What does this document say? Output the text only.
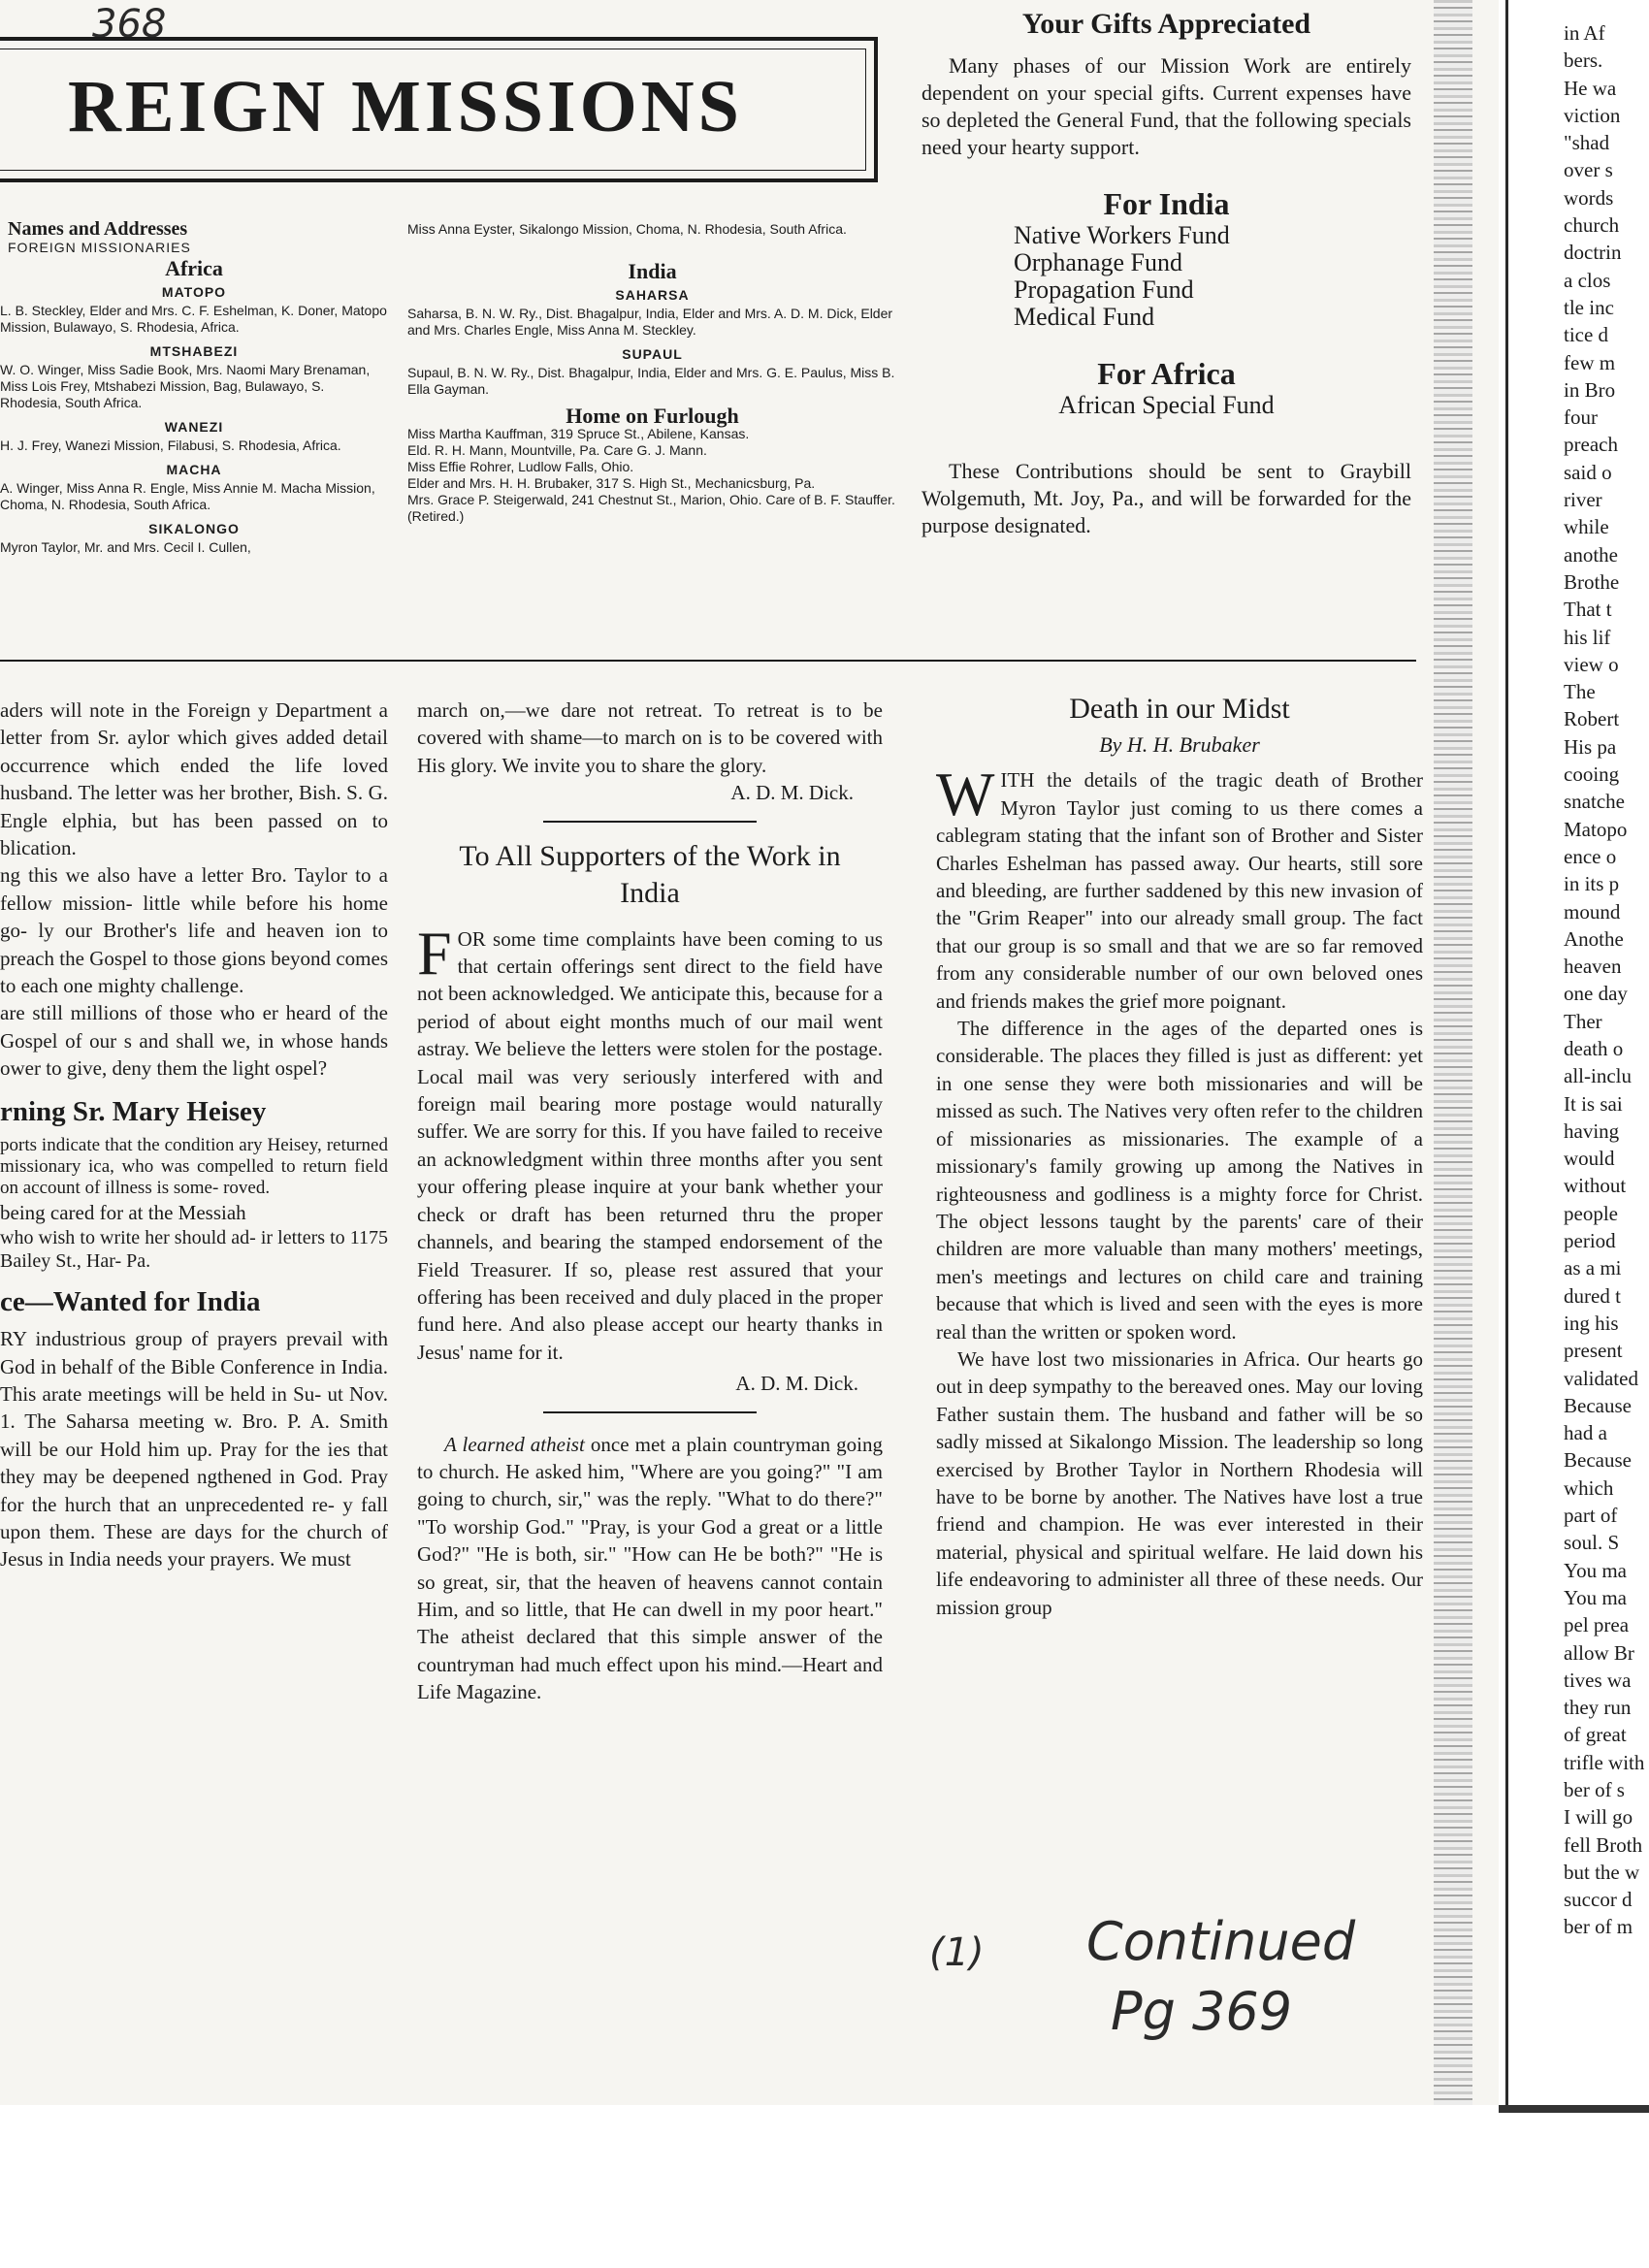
368
(1) Continued
Pg 369
REIGN MISSIONS
Names and Addresses
FOREIGN MISSIONARIES
Africa
MATOPO

L. B. Steckley, Elder and Mrs. C. F. Eshelman, K. Doner, Matopo Mission, Bulawayo, S. Rhodesia, Africa.

MTSHABEZI

W. O. Winger, Miss Sadie Book, Mrs. Naomi Mary Brenaman, Miss Lois Frey, Mtshabezi Mission, Bag, Bulawayo, S. Rhodesia, South Africa.

WANEZI

H. J. Frey, Wanezi Mission, Filabusi, S. Rhodesia, Africa.

MACHA

A. Winger, Miss Anna R. Engle, Miss Annie M. Macha Mission, Choma, N. Rhodesia, South Africa.

SIKALONGO

Myron Taylor, Mr. and Mrs. Cecil I. Cullen,

Miss Anna Eyster, Sikalongo Mission, Choma, N. Rhodesia, South Africa.

India
SAHARSA

Saharsa, B. N. W. Ry., Dist. Bhagalpur, India, Elder and Mrs. A. D. M. Dick, Elder and Mrs. Charles Engle, Miss Anna M. Steckley.

SUPAUL

Supaul, B. N. W. Ry., Dist. Bhagalpur, India, Elder and Mrs. G. E. Paulus, Miss B. Ella Gayman.

Home on Furlough

Miss Martha Kauffman, 319 Spruce St., Abilene, Kansas.

Eld. R. H. Mann, Mountville, Pa. Care G. J. Mann.

Miss Effie Rohrer, Ludlow Falls, Ohio.

Elder and Mrs. H. H. Brubaker, 317 S. High St., Mechanicsburg, Pa.

Mrs. Grace P. Steigerwald, 241 Chestnut St., Marion, Ohio. Care of B. F. Stauffer. (Retired.)

Your Gifts Appreciated

Many phases of our Mission Work are entirely dependent on your special gifts. Current expenses have so depleted the General Fund, that the following specials need your hearty support.

For India
Native Workers Fund
Orphanage Fund
Propagation Fund
Medical Fund
For Africa
African Special Fund

These Contributions should be sent to Graybill Wolgemuth, Mt. Joy, Pa., and will be forwarded for the purpose designated.

aders will note in the Foreign y Department a letter from Sr. aylor which gives added detail occurrence which ended the life loved husband. The letter was her brother, Bish. S. G. Engle elphia, but has been passed on to blication.

ng this we also have a letter Bro. Taylor to a fellow mission- little while before his home go- ly our Brother's life and heaven ion to preach the Gospel to those gions beyond comes to each one mighty challenge.

are still millions of those who er heard of the Gospel of our s and shall we, in whose hands ower to give, deny them the light ospel?

rning Sr. Mary Heisey

ports indicate that the condition ary Heisey, returned missionary ica, who was compelled to return field on account of illness is some- roved.

being cared for at the Messiah

who wish to write her should ad- ir letters to 1175 Bailey St., Har- Pa.

ce—Wanted for India

RY industrious group of prayers prevail with God in behalf of the Bible Conference in India. This arate meetings will be held in Su- ut Nov. 1. The Saharsa meeting w. Bro. P. A. Smith will be our Hold him up. Pray for the ies that they may be deepened ngthened in God. Pray for the hurch that an unprecedented re- y fall upon them. These are days for the church of Jesus in India needs your prayers. We must

march on,—we dare not retreat. To retreat is to be covered with shame—to march on is to be covered with His glory. We invite you to share the glory.

A. D. M. Dick.
To All Supporters of the Work in India

F OR some time complaints have been coming to us that certain offerings sent direct to the field have not been acknowledged. We anticipate this, because for a period of about eight months much of our mail went astray. We believe the letters were stolen for the postage. Local mail was very seriously interfered with and foreign mail bearing more postage would naturally suffer. We are sorry for this. If you have failed to receive an acknowledgment within three months after you sent your offering please inquire at your bank whether your check or draft has been returned thru the proper channels, and bearing the stamped endorsement of the Field Treasurer. If so, please rest assured that your offering has been received and duly placed in the proper fund here. And also please accept our hearty thanks in Jesus' name for it.

A. D. M. Dick.

A learned atheist once met a plain countryman going to church. He asked him, "Where are you going?" "I am going to church, sir," was the reply. "What to do there?" "To worship God." "Pray, is your God a great or a little God?" "He is both, sir." "How can He be both?" "He is so great, sir, that the heaven of heavens cannot contain Him, and so little, that He can dwell in my poor heart." The atheist declared that this simple answer of the countryman had much effect upon his mind.—Heart and Life Magazine.

Death in our Midst
By H. H. Brubaker

W ITH the details of the tragic death of Brother Myron Taylor just coming to us there comes a cablegram stating that the infant son of Brother and Sister Charles Eshelman has passed away. Our hearts, still sore and bleeding, are further saddened by this new invasion of the "Grim Reaper" into our already small group. The fact that our group is so small and that we are so far removed from any considerable number of our own beloved ones and friends makes the grief more poignant.

The difference in the ages of the departed ones is considerable. The places they filled is just as different: yet in one sense they were both missionaries and will be missed as such. The Natives very often refer to the children of missionaries as missionaries. The example of a missionary's family growing up among the Natives in righteousness and godliness is a mighty force for Christ. The object lessons taught by the parents' care of their children are more valuable than many mothers' meetings, men's meetings and lectures on child care and training because that which is lived and seen with the eyes is more real than the written or spoken word.

We have lost two missionaries in Africa. Our hearts go out in deep sympathy to the bereaved ones. May our loving Father sustain them. The husband and father will be so sadly missed at Sikalongo Mission. The leadership so long exercised by Brother Taylor in Northern Rhodesia will have to be borne by another. The Natives have lost a true friend and champion. He was ever interested in their material, physical and spiritual welfare. He laid down his life endeavoring to administer all three of these needs. Our mission group

in Af
bers.
He wa
viction
"shad
over s
words
church
doctrin
a clos
tle inc
tice d
few m
in Bro
four
preach
said o
river
while
anothe
Brothe
That t
his lif
view o
The
Robert
His pa
cooing
snatche
Matopo
ence o
in its p
mound
Anothe
heaven
one day
Ther
death o
all-inclu
It is sai
having
would
without
people
period
as a mi
dured t
ing his
present
validated
Because
had a
Because
which
part of
soul. S
You ma
You ma
pel prea
allow Br
tives wa
they run
of great
trifle with
ber of s
I will go
fell Broth
but the w
succor d
ber of m
